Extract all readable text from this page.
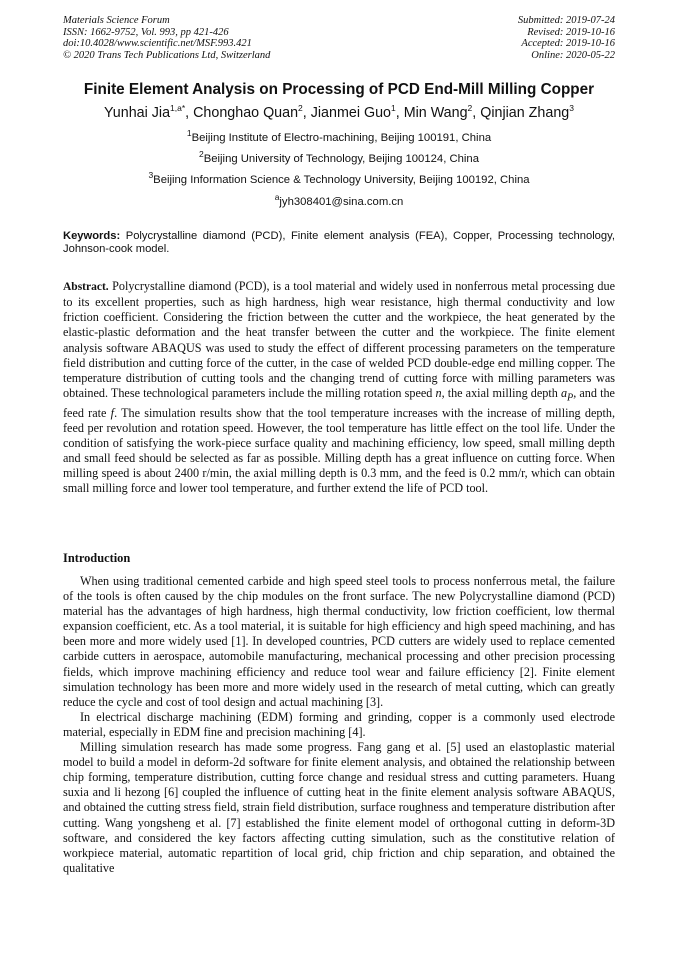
Materials Science Forum
ISSN: 1662-9752, Vol. 993, pp 421-426
doi:10.4028/www.scientific.net/MSF.993.421
© 2020 Trans Tech Publications Ltd, Switzerland
Submitted: 2019-07-24
Revised: 2019-10-16
Accepted: 2019-10-16
Online: 2020-05-22
Finite Element Analysis on Processing of PCD End-Mill Milling Copper
Yunhai Jia$^{1,a*}$, Chonghao Quan$^2$, Jianmei Guo$^1$, Min Wang$^2$, Qinjian Zhang$^3$
$^1$Beijing Institute of Electro-machining, Beijing 100191, China
$^2$Beijing University of Technology, Beijing 100124, China
$^3$Beijing Information Science & Technology University, Beijing 100192, China
$^a$jyh308401@sina.com.cn
Keywords: Polycrystalline diamond (PCD), Finite element analysis (FEA), Copper, Processing technology, Johnson-cook model.
Abstract. Polycrystalline diamond (PCD), is a tool material and widely used in nonferrous metal processing due to its excellent properties, such as high hardness, high wear resistance, high thermal conductivity and low friction coefficient. Considering the friction between the cutter and the workpiece, the heat generated by the elastic-plastic deformation and the heat transfer between the cutter and the workpiece. The finite element analysis software ABAQUS was used to study the effect of different processing parameters on the temperature field distribution and cutting force of the cutter, in the case of welded PCD double-edge end milling copper. The temperature distribution of cutting tools and the changing trend of cutting force with milling parameters was obtained. These technological parameters include the milling rotation speed n, the axial milling depth $a_P$, and the feed rate f. The simulation results show that the tool temperature increases with the increase of milling depth, feed per revolution and rotation speed. However, the tool temperature has little effect on the tool life. Under the condition of satisfying the work-piece surface quality and machining efficiency, low speed, small milling depth and small feed should be selected as far as possible. Milling depth has a great influence on cutting force. When milling speed is about 2400 r/min, the axial milling depth is 0.3 mm, and the feed is 0.2 mm/r, which can obtain small milling force and lower tool temperature, and further extend the life of PCD tool.
Introduction

When using traditional cemented carbide and high speed steel tools to process nonferrous metal, the failure of the tools is often caused by the chip modules on the front surface. The new Polycrystalline diamond (PCD) material has the advantages of high hardness, high thermal conductivity, low friction coefficient, low thermal expansion coefficient, etc. As a tool material, it is suitable for high efficiency and high speed machining, and has been more and more widely used [1]. In developed countries, PCD cutters are widely used to replace cemented carbide cutters in aerospace, automobile manufacturing, mechanical processing and other precision processing fields, which improve machining efficiency and reduce tool wear and failure efficiency [2]. Finite element simulation technology has been more and more widely used in the research of metal cutting, which can greatly reduce the cycle and cost of tool design and actual machining [3].

In electrical discharge machining (EDM) forming and grinding, copper is a commonly used electrode material, especially in EDM fine and precision machining [4].

Milling simulation research has made some progress. Fang gang et al. [5] used an elastoplastic material model to build a model in deform-2d software for finite element analysis, and obtained the relationship between chip forming, temperature distribution, cutting force change and residual stress and cutting parameters. Huang suxia and li hezong [6] coupled the influence of cutting heat in the finite element analysis software ABAQUS, and obtained the cutting stress field, strain field distribution, surface roughness and temperature distribution after cutting. Wang yongsheng et al. [7] established the finite element model of orthogonal cutting in deform-3D software, and considered the key factors affecting cutting simulation, such as the constitutive relation of workpiece material, automatic repartition of local grid, chip friction and chip separation, and obtained the qualitative
